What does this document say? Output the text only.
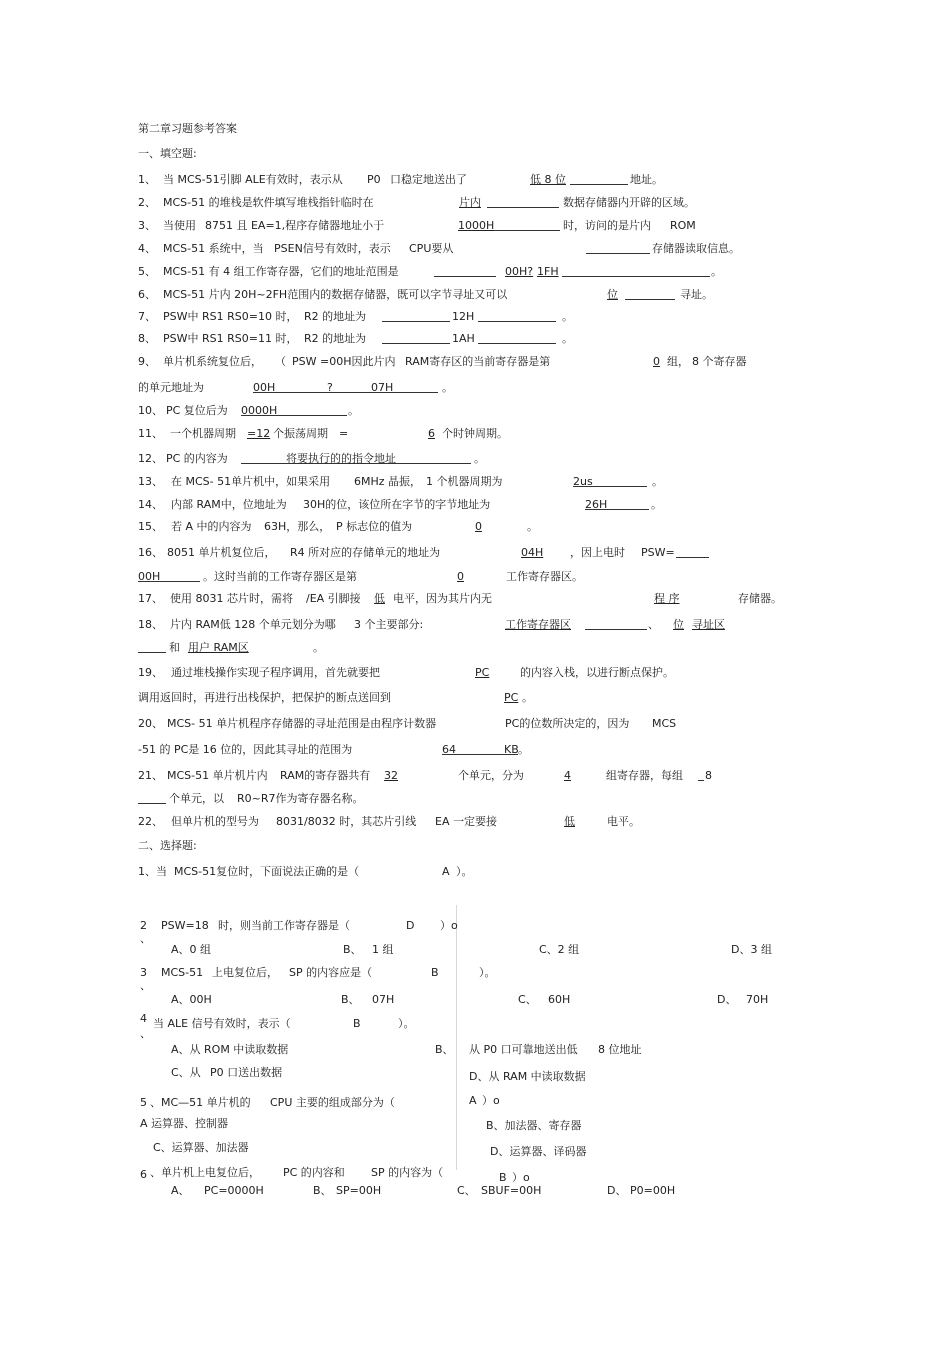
第二章习题参考答案
一、填空题:
1、 当 MCS-51引脚 ALE有效时，表示从 P0 口稳定地送出了	低 8 位	地址。
2、 MCS-51 的堆栈是软件填写堆栈指针临时在	片内	数据存储器内开辟的区域。
3、 当使用 8751 且 EA=1,程序存储器地址小于	1000H	时，访问的是片内 ROM
4、 MCS-51 系统中，当 PSEN信号有效时，表示 CPU要从	存储器读取信息。
5、 MCS-51 有 4 组工作寄存器，它们的地址范围是	00H? 1FH	。
6、 MCS-51 片内 20H~2FH范围内的数据存储器，既可以字节寻址又可以	位	寻址。
7、 PSW中 RS1 RS0=10 时， R2 的地址为	12H	。
8、 PSW中 RS1 RS0=11 时， R2 的地址为	1AH	。
9、 单片机系统复位后， （ PSW =00H因此片内 RAM寄存区的当前寄存器是第	0 组， 8 个寄存器
的单元地址为	00H	?	07H	。
10、 PC 复位后为 0000H	。
11、 一个机器周期 =12 个振荡周期 =	6 个时钟周期。
12、 PC 的内容为	将要执行的的指令地址	。
13、 在 MCS- 51单片机中，如果采用 6MHz 晶振， 1 个机器周期为	2us	。
14、 内部 RAM中，位地址为 30H的位，该位所在字节的字节地址为	26H	。
15、 若 A 中的内容为 63H，那么， P 标志位的值为	0	。
16、 8051 单片机复位后， R4 所对应的存储单元的地址为	04H ，因上电时 PSW=
00H	。这时当前的工作寄存器区是第	0	工作寄存器区。
17、 使用 8031 芯片时，需将 /EA 引脚接 低 电平，因为其片内无	程 序	存储器。
18、 片内 RAM低 128 个单元划分为哪 3 个主要部分:	工作寄存器区	、 位 寻址区
和 用户 RAM区	。
19、 通过堆栈操作实现子程序调用，首先就要把	PC	的内容入栈，以进行断点保护。
调用返回时，再进行出栈保护，把保护的断点送回到	PC 。
20、 MCS- 51 单片机程序存储器的寻址范围是由程序计数器	PC的位数所决定的，因为 MCS
-51 的 PC是 16 位的，因此其寻址的范围为	64	KB 。
21、 MCS-51 单片机片内 RAM的寄存器共有 32	个单元，分为	4	组寄存器，每组 8
个单元，以 R0~R7作为寄存器名称。
22、 但单片机的型号为 8031/8032 时，其芯片引线 EA 一定要接	低	电平。
二、选择题:
1、当 MCS-51复位时，下面说法正确的是（	A ）。
2
、
PSW=18 时，则当前工作寄存器是（	D ）o
A、0 组	B、 1 组	C、2 组	D、3 组
3
、
MCS-51 上电复位后， SP 的内容应是（	B	）。
A、00H	B、 07H	C、 60H	D、 70H
4
、
当 ALE 信号有效时，表示（	B	）。
A、从 ROM 中读取数据	B、 从 P0 口可靠地送出低 8 位地址
C、从 P0 口送出数据	D、从 RAM 中读取数据
5 、MC—51 单片机的 CPU 主要的组成部分为（	A ）o
A 运算器、控制器	B、加法器、寄存器
C、运算器、加法器	D、运算器、译码器
6 、单片机上电复位后， PC 的内容和 SP 的内容为（	B ）o
A、 PC=0000H	B、 SP=00H	C、 SBUF=00H	D、 P0=00H
